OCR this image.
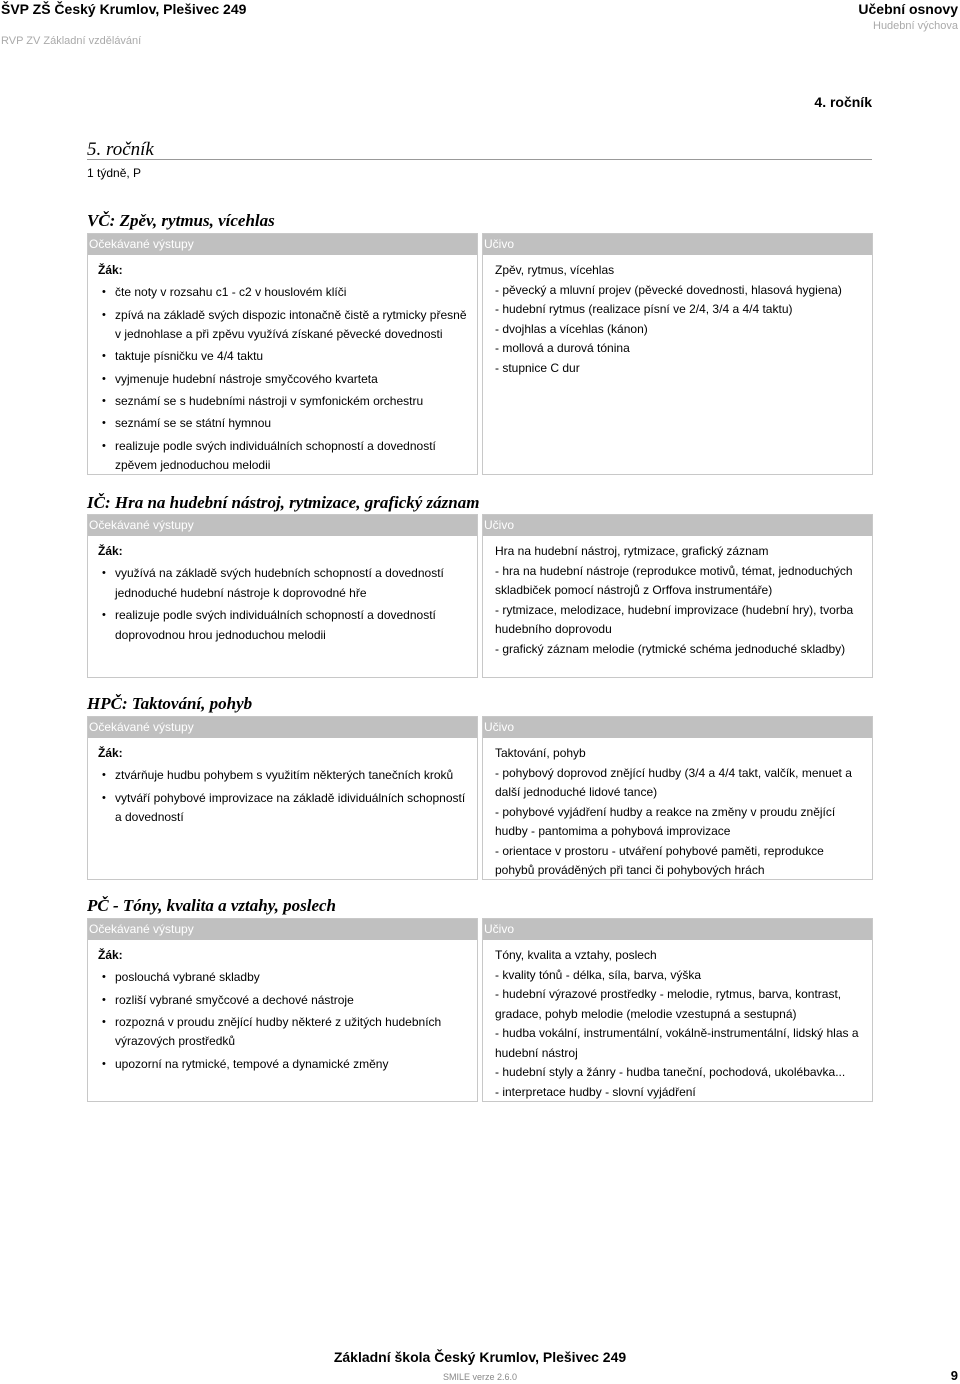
ŠVP ZŠ Český Krumlov, Plešivec 249
RVP ZV Základní vzdělávání
Učební osnovy
Hudební výchova
4. ročník
5. ročník
1 týdně, P
VČ: Zpěv, rytmus, vícehlas
Očekávané výstupy
Žák:
• čte noty v rozsahu c1 - c2 v houslovém klíči
• zpívá na základě svých dispozic intonačně čistě a rytmicky přesně v jednohlase a při zpěvu využívá získané pěvecké dovednosti
• taktuje písničku ve 4/4 taktu
• vyjmenuje hudební nástroje smyčcového kvarteta
• seznámí se s hudebními nástroji v symfonickém orchestru
• seznámí se se státní hymnou
• realizuje podle svých individuálních schopností a dovedností zpěvem jednoduchou melodii
Učivo
Zpěv, rytmus, vícehlas
- pěvecký a mluvní projev (pěvecké dovednosti, hlasová hygiena)
- hudební rytmus (realizace písní ve 2/4, 3/4 a 4/4 taktu)
- dvojhlas a vícehlas (kánon)
- mollová a durová tónina
- stupnice C dur
IČ: Hra na hudební nástroj, rytmizace, grafický záznam
Očekávané výstupy
Žák:
• využívá na základě svých hudebních schopností a dovedností jednoduché hudební nástroje k doprovodné hře
• realizuje podle svých individuálních schopností a dovedností doprovodnou hrou jednoduchou melodii
Učivo
Hra na hudební nástroj, rytmizace, grafický záznam
- hra na hudební nástroje (reprodukce motivů, témat, jednoduchých skladbiček pomocí nástrojů z Orffova instrumentáře)
- rytmizace, melodizace, hudební improvizace (hudební hry), tvorba hudebního doprovodu
- grafický záznam melodie (rytmické schéma jednoduché skladby)
HPČ: Taktování, pohyb
Očekávané výstupy
Žák:
• ztvárňuje hudbu pohybem s využitím některých tanečních kroků
• vytváří pohybové improvizace na základě idividuálních schopností a dovedností
Učivo
Taktování, pohyb
- pohybový doprovod znějící hudby (3/4 a 4/4 takt, valčík, menuet a další jednoduché lidové tance)
- pohybové vyjádření hudby a reakce na změny v proudu znějící hudby - pantomima a pohybová improvizace
- orientace v prostoru - utváření pohybové paměti, reprodukce pohybů prováděných při tanci či pohybových hrách
PČ - Tóny, kvalita a vztahy, poslech
Očekávané výstupy
Žák:
• poslouchá vybrané skladby
• rozliší vybrané smyčcové a dechové nástroje
• rozpozná v proudu znějící hudby některé z užitých hudebních výrazových prostředků
• upozorní na rytmické, tempové a dynamické změny
Učivo
Tóny, kvalita a vztahy, poslech
- kvality tónů - délka, síla, barva, výška
- hudební výrazové prostředky - melodie, rytmus, barva, kontrast, gradace, pohyb melodie (melodie vzestupná a sestupná)
- hudba vokální, instrumentální, vokálně-instrumentální, lidský hlas a hudební nástroj
- hudební styly a žánry - hudba taneční, pochodová, ukolébavka...
- interpretace hudby - slovní vyjádření
Základní škola Český Krumlov, Plešivec 249
SMILE verze 2.6.0	9
